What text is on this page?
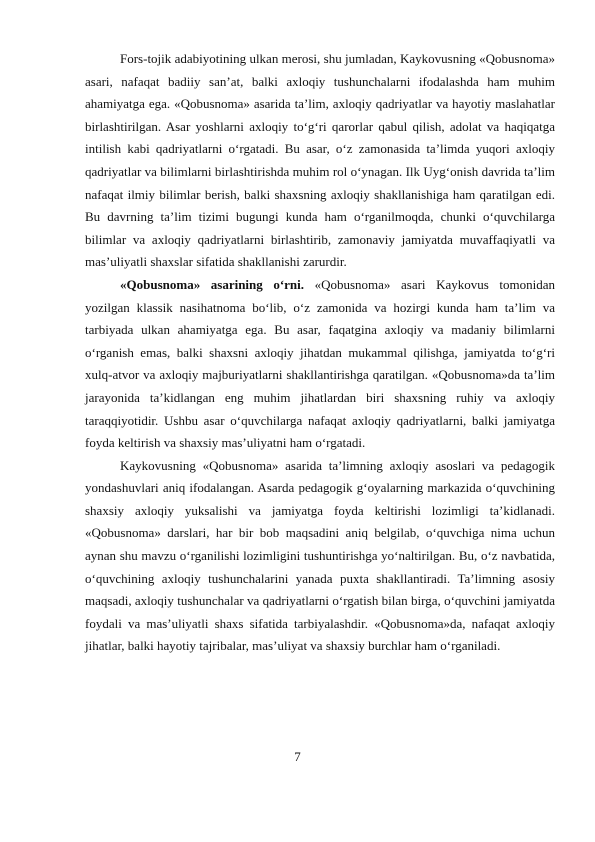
Fors-tojik adabiyotining ulkan merosi, shu jumladan, Kaykovusning «Qobusnoma» asari, nafaqat badiiy san’at, balki axloqiy tushunchalarni ifodalashda ham muhim ahamiyatga ega. «Qobusnoma» asarida ta’lim, axloqiy qadriyatlar va hayotiy maslahatlar birlashtirilgan. Asar yoshlarni axloqiy to‘g‘ri qarorlar qabul qilish, adolat va haqiqatga intilish kabi qadriyatlarni o‘rgatadi. Bu asar, o‘z zamonasida ta’limda yuqori axloqiy qadriyatlar va bilimlarni birlashtirishda muhim rol o‘ynagan. Ilk Uyg‘onish davrida ta’lim nafaqat ilmiy bilimlar berish, balki shaxsning axloqiy shakllanishiga ham qaratilgan edi. Bu davrning ta’lim tizimi bugungi kunda ham o‘rganilmoqda, chunki o‘quvchilarga bilimlar va axloqiy qadriyatlarni birlashtirib, zamonaviy jamiyatda muvaffaqiyatli va mas’uliyatli shaxslar sifatida shakllanishi zarurdir.

«Qobusnoma» asarining o‘rni. «Qobusnoma» asari Kaykovus tomonidan yozilgan klassik nasihatnoma bo‘lib, o‘z zamonida va hozirgi kunda ham ta’lim va tarbiyada ulkan ahamiyatga ega. Bu asar, faqatgina axloqiy va madaniy bilimlarni o‘rganish emas, balki shaxsni axloqiy jihatdan mukammal qilishga, jamiyatda to‘g‘ri xulq-atvor va axloqiy majburiyatlarni shakllantirishga qaratilgan. «Qobusnoma»da ta’lim jarayonida ta’kidlangan eng muhim jihatlardan biri shaxsning ruhiy va axloqiy taraqqiyotidir. Ushbu asar o‘quvchilarga nafaqat axloqiy qadriyatlarni, balki jamiyatga foyda keltirish va shaxsiy mas’uliyatni ham o‘rgatadi.

Kaykovusning «Qobusnoma» asarida ta’limning axloqiy asoslari va pedagogik yondashuvlari aniq ifodalangan. Asarda pedagogik g‘oyalarning markazida o‘quvchining shaxsiy axloqiy yuksalishi va jamiyatga foyda keltirishi lozimligi ta’kidlanadi. «Qobusnoma» darslari, har bir bob maqsadini aniq belgilab, o‘quvchiga nima uchun aynan shu mavzu o‘rganilishi lozimligini tushuntirishga yo‘naltirilgan. Bu, o‘z navbatida, o‘quvchining axloqiy tushunchalarini yanada puxta shakllantiradi. Ta’limning asosiy maqsadi, axloqiy tushunchalar va qadriyatlarni o‘rgatish bilan birga, o‘quvchini jamiyatda foydali va mas’uliyatli shaxs sifatida tarbiyalashdir. «Qobusnoma»da, nafaqat axloqiy jihatlar, balki hayotiy tajribalar, mas’uliyat va shaxsiy burchlar ham o‘rganiladi.

7
